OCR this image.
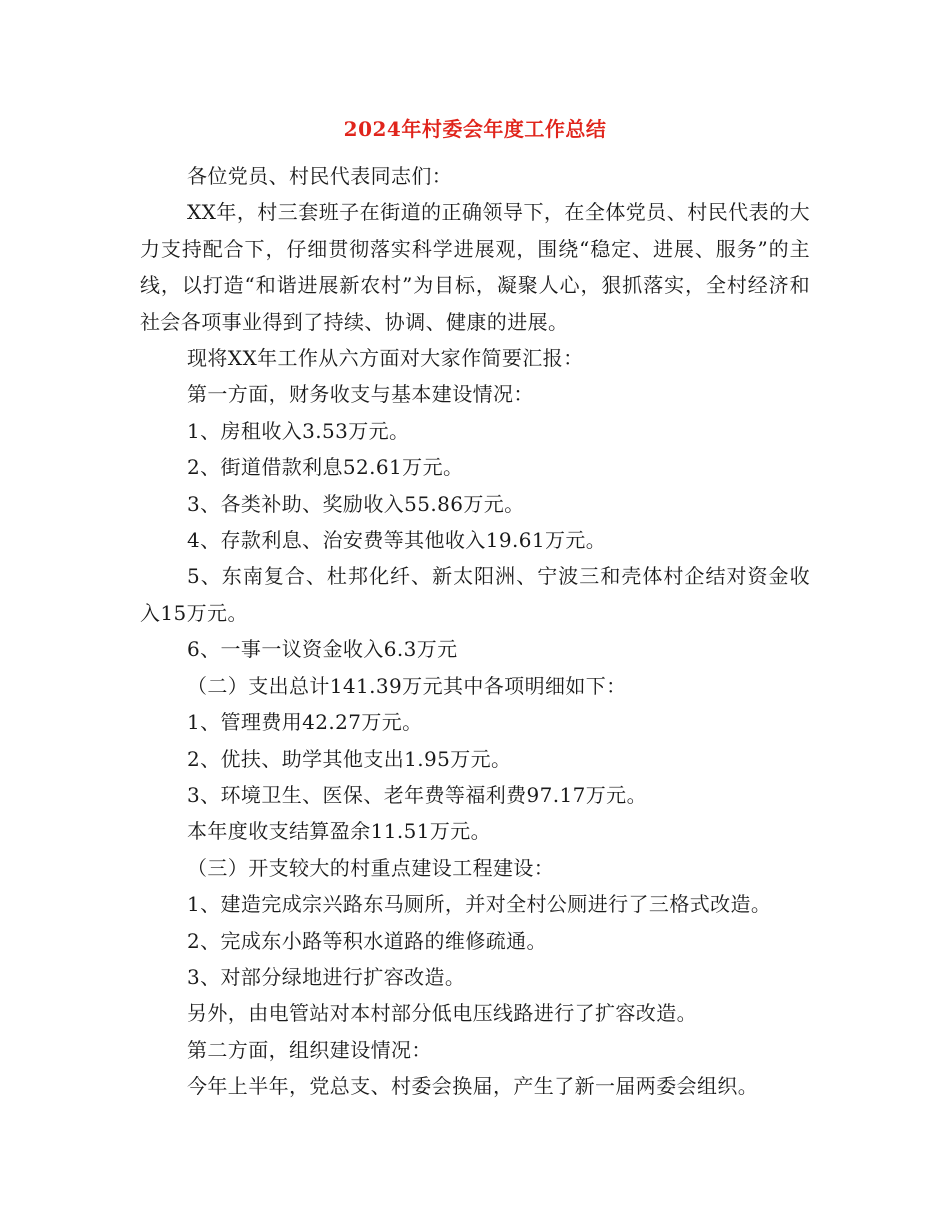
2024年村委会年度工作总结

各位党员、村民代表同志们：

XX年，村三套班子在街道的正确领导下，在全体党员、村民代表的大力支持配合下，仔细贯彻落实科学进展观，围绕“稳定、进展、服务”的主线，以打造“和谐进展新农村”为目标，凝聚人心，狠抓落实，全村经济和社会各项事业得到了持续、协调、健康的进展。

现将XX年工作从六方面对大家作简要汇报：

第一方面，财务收支与基本建设情况：

1、房租收入3.53万元。

2、街道借款利息52.61万元。

3、各类补助、奖励收入55.86万元。

4、存款利息、治安费等其他收入19.61万元。

5、东南复合、杜邦化纤、新太阳洲、宁波三和壳体村企结对资金收入15万元。

6、一事一议资金收入6.3万元

（二）支出总计141.39万元其中各项明细如下：

1、管理费用42.27万元。

2、优扶、助学其他支出1.95万元。

3、环境卫生、医保、老年费等福利费97.17万元。

本年度收支结算盈余11.51万元。

（三）开支较大的村重点建设工程建设：

1、建造完成宗兴路东马厕所，并对全村公厕进行了三格式改造。

2、完成东小路等积水道路的维修疏通。

3、对部分绿地进行扩容改造。

另外，由电管站对本村部分低电压线路进行了扩容改造。

第二方面，组织建设情况：

今年上半年，党总支、村委会换届，产生了新一届两委会组织。
